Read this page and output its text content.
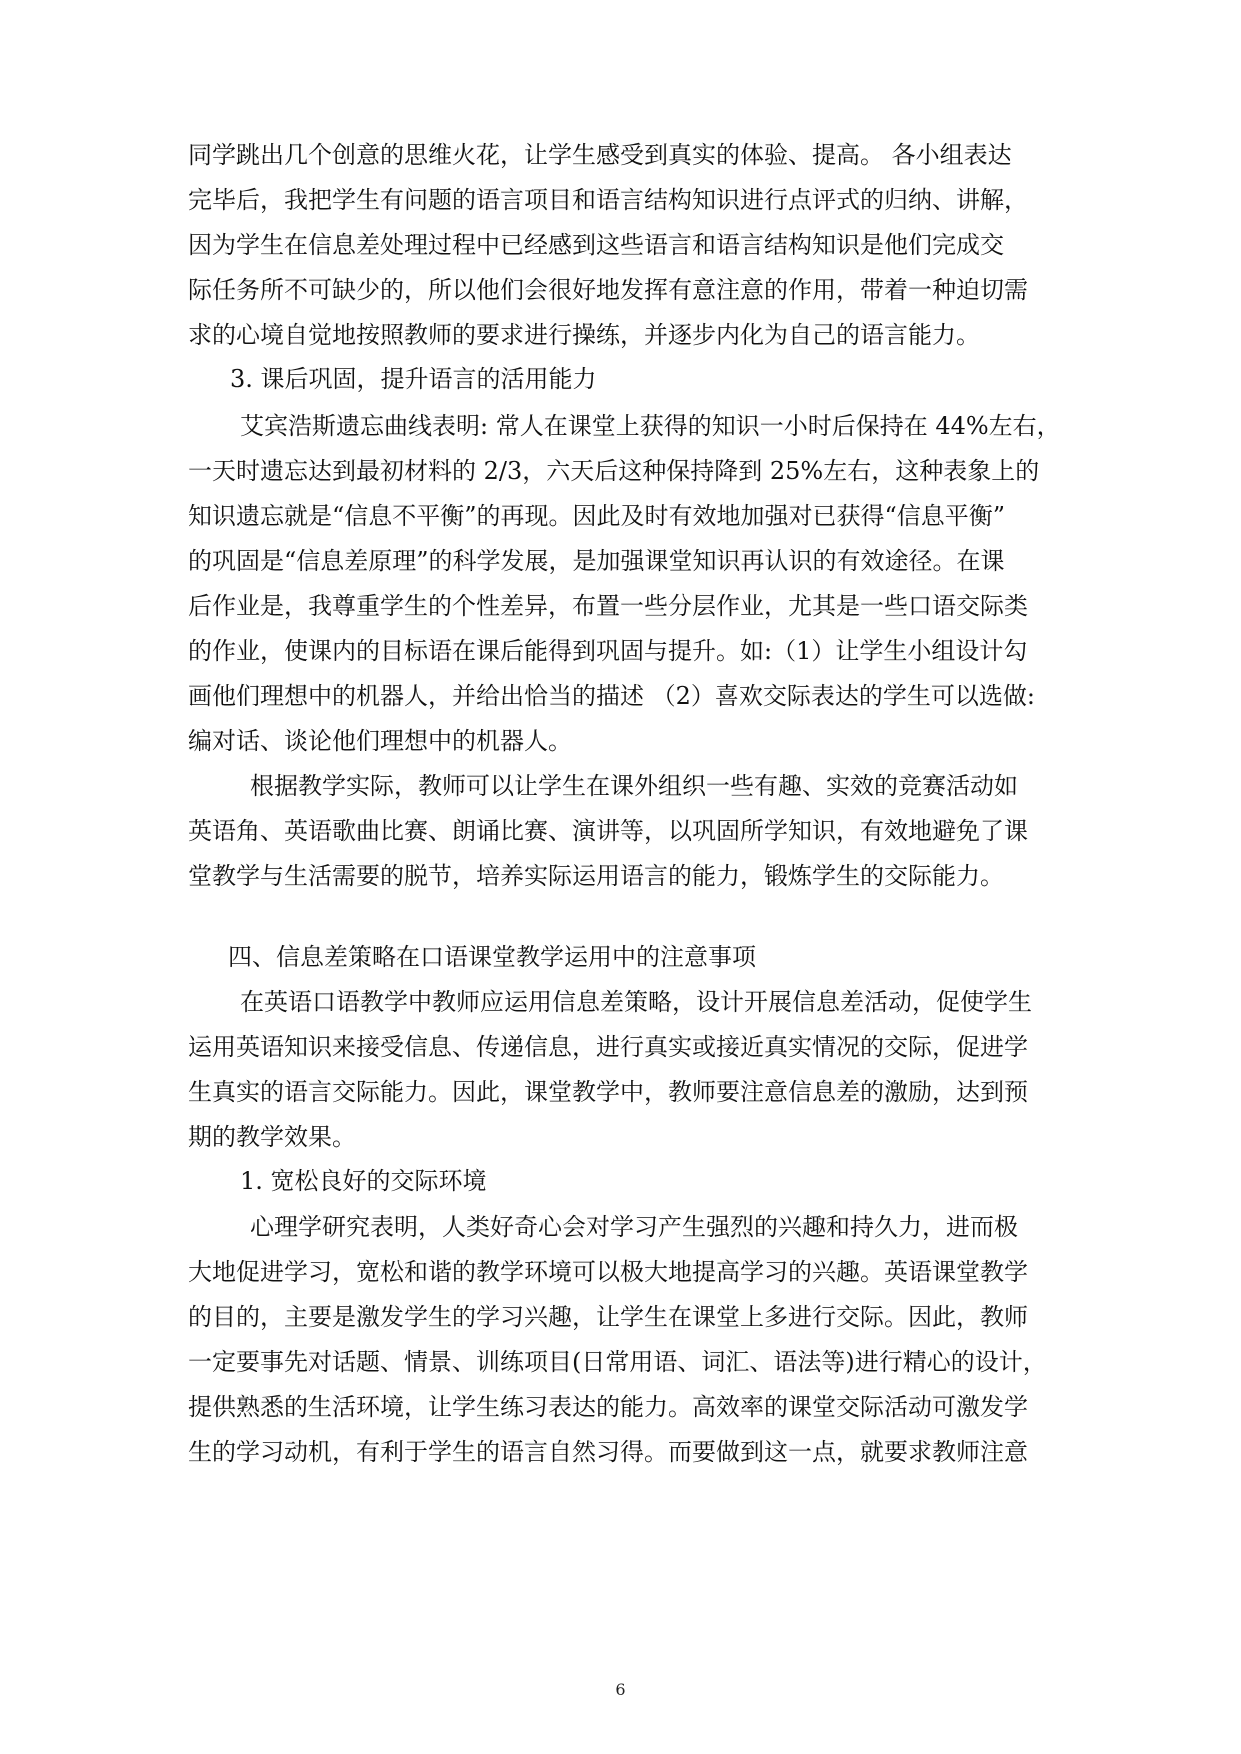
同学跳出几个创意的思维火花，让学生感受到真实的体验、提高。 各小组表达
完毕后，我把学生有问题的语言项目和语言结构知识进行点评式的归纳、讲解，
因为学生在信息差处理过程中已经感到这些语言和语言结构知识是他们完成交
际任务所不可缺少的，所以他们会很好地发挥有意注意的作用，带着一种迫切需
求的心境自觉地按照教师的要求进行操练，并逐步内化为自己的语言能力。
3. 课后巩固，提升语言的活用能力
艾宾浩斯遗忘曲线表明: 常人在课堂上获得的知识一小时后保持在 44%左右，
一天时遗忘达到最初材料的 2/3，六天后这种保持降到 25%左右，这种表象上的
知识遗忘就是“信息不平衡”的再现。因此及时有效地加强对已获得“信息平衡”
的巩固是“信息差原理”的科学发展，是加强课堂知识再认识的有效途径。在课
后作业是，我尊重学生的个性差异，布置一些分层作业，尤其是一些口语交际类
的作业，使课内的目标语在课后能得到巩固与提升。如:（1）让学生小组设计勾
画他们理想中的机器人，并给出恰当的描述 （2）喜欢交际表达的学生可以选做:
编对话、谈论他们理想中的机器人。
根据教学实际，教师可以让学生在课外组织一些有趣、实效的竞赛活动如
英语角、英语歌曲比赛、朗诵比赛、演讲等，以巩固所学知识，有效地避免了课
堂教学与生活需要的脱节，培养实际运用语言的能力，锻炼学生的交际能力。
四、信息差策略在口语课堂教学运用中的注意事项
在英语口语教学中教师应运用信息差策略，设计开展信息差活动，促使学生
运用英语知识来接受信息、传递信息，进行真实或接近真实情况的交际，促进学
生真实的语言交际能力。因此，课堂教学中，教师要注意信息差的激励，达到预
期的教学效果。
1. 宽松良好的交际环境
心理学研究表明，人类好奇心会对学习产生强烈的兴趣和持久力，进而极
大地促进学习，宽松和谐的教学环境可以极大地提高学习的兴趣。英语课堂教学
的目的，主要是激发学生的学习兴趣，让学生在课堂上多进行交际。因此，教师
一定要事先对话题、情景、训练项目(日常用语、词汇、语法等)进行精心的设计，
提供熟悉的生活环境，让学生练习表达的能力。高效率的课堂交际活动可激发学
生的学习动机，有利于学生的语言自然习得。而要做到这一点，就要求教师注意
6
